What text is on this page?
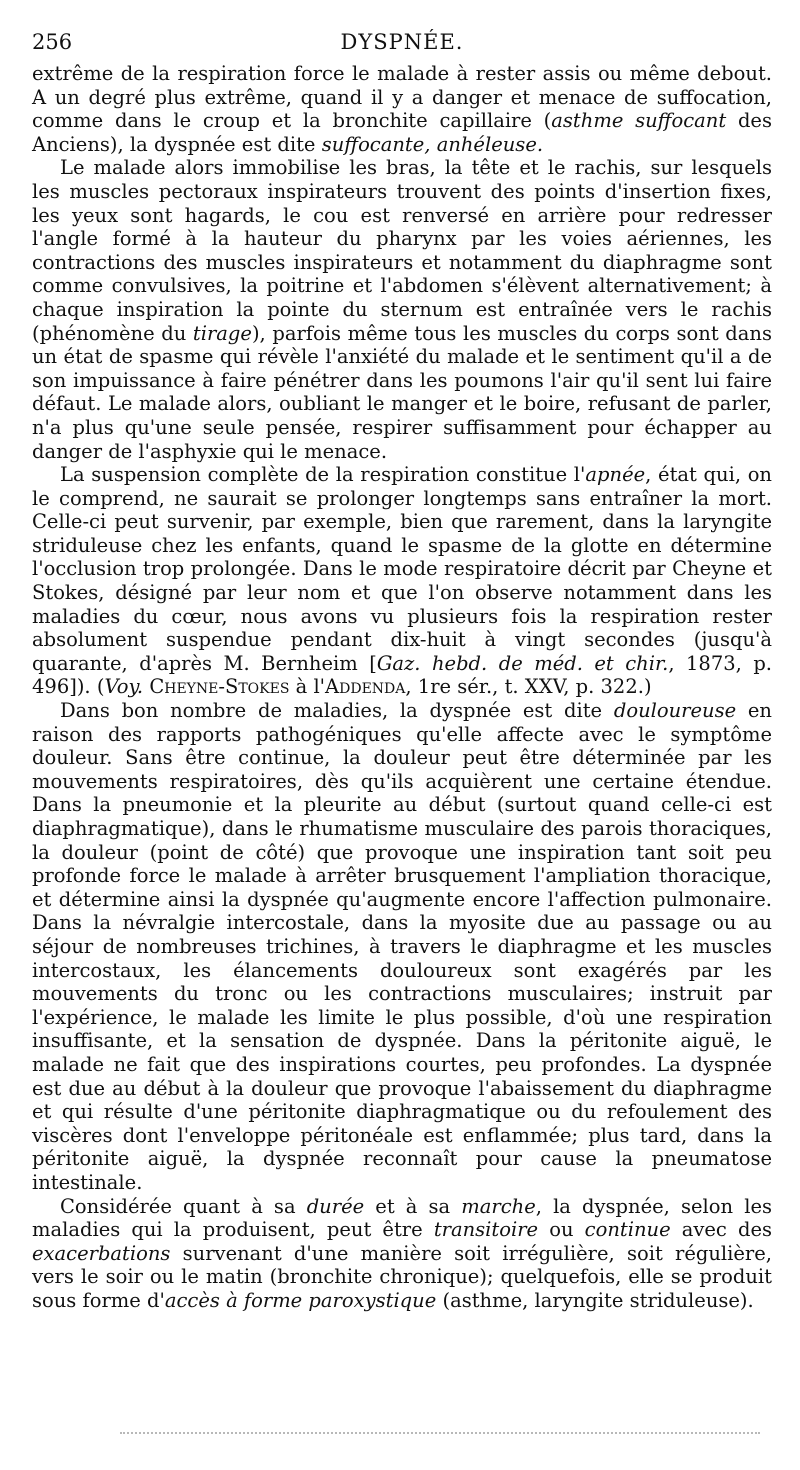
256	DYSPNÉE.

extrême de la respiration force le malade à rester assis ou même debout. A un degré plus extrême, quand il y a danger et menace de suffocation, comme dans le croup et la bronchite capillaire (asthme suffocant des Anciens), la dyspnée est dite suffocante, anhéleuse.

Le malade alors immobilise les bras, la tête et le rachis, sur lesquels les muscles pectoraux inspirateurs trouvent des points d'insertion fixes, les yeux sont hagards, le cou est renversé en arrière pour redresser l'angle formé à la hauteur du pharynx par les voies aériennes, les contractions des muscles inspirateurs et notamment du diaphragme sont comme convulsives, la poitrine et l'abdomen s'élèvent alternativement; à chaque inspiration la pointe du sternum est entraînée vers le rachis (phénomène du tirage), parfois même tous les muscles du corps sont dans un état de spasme qui révèle l'anxiété du malade et le sentiment qu'il a de son impuissance à faire pénétrer dans les poumons l'air qu'il sent lui faire défaut. Le malade alors, oubliant le manger et le boire, refusant de parler, n'a plus qu'une seule pensée, respirer suffisamment pour échapper au danger de l'asphyxie qui le menace.

La suspension complète de la respiration constitue l'apnée, état qui, on le comprend, ne saurait se prolonger longtemps sans entraîner la mort. Celle-ci peut survenir, par exemple, bien que rarement, dans la laryngite striduleuse chez les enfants, quand le spasme de la glotte en détermine l'occlusion trop prolongée. Dans le mode respiratoire décrit par Cheyne et Stokes, désigné par leur nom et que l'on observe notamment dans les maladies du cœur, nous avons vu plusieurs fois la respiration rester absolument suspendue pendant dix-huit à vingt secondes (jusqu'à quarante, d'après M. Bernheim [Gaz. hebd. de méd. et chir., 1873, p. 496]). (Voy. Cheyne-Stokes à l'Addenda, 1re sér., t. XXV, p. 322.)

Dans bon nombre de maladies, la dyspnée est dite douloureuse en raison des rapports pathogéniques qu'elle affecte avec le symptôme douleur. Sans être continue, la douleur peut être déterminée par les mouvements respiratoires, dès qu'ils acquièrent une certaine étendue. Dans la pneumonie et la pleurite au début (surtout quand celle-ci est diaphragmatique), dans le rhumatisme musculaire des parois thoraciques, la douleur (point de côté) que provoque une inspiration tant soit peu profonde force le malade à arrêter brusquement l'ampliation thoracique, et détermine ainsi la dyspnée qu'augmente encore l'affection pulmonaire. Dans la névralgie intercostale, dans la myosite due au passage ou au séjour de nombreuses trichines, à travers le diaphragme et les muscles intercostaux, les élancements douloureux sont exagérés par les mouvements du tronc ou les contractions musculaires; instruit par l'expérience, le malade les limite le plus possible, d'où une respiration insuffisante, et la sensation de dyspnée. Dans la péritonite aiguë, le malade ne fait que des inspirations courtes, peu profondes. La dyspnée est due au début à la douleur que provoque l'abaissement du diaphragme et qui résulte d'une péritonite diaphragmatique ou du refoulement des viscères dont l'enveloppe péritonéale est enflammée; plus tard, dans la péritonite aiguë, la dyspnée reconnaît pour cause la pneumatose intestinale.

Considérée quant à sa durée et à sa marche, la dyspnée, selon les maladies qui la produisent, peut être transitoire ou continue avec des exacerbations survenant d'une manière soit irrégulière, soit régulière, vers le soir ou le matin (bronchite chronique); quelquefois, elle se produit sous forme d'accès à forme paroxystique (asthme, laryngite striduleuse).
